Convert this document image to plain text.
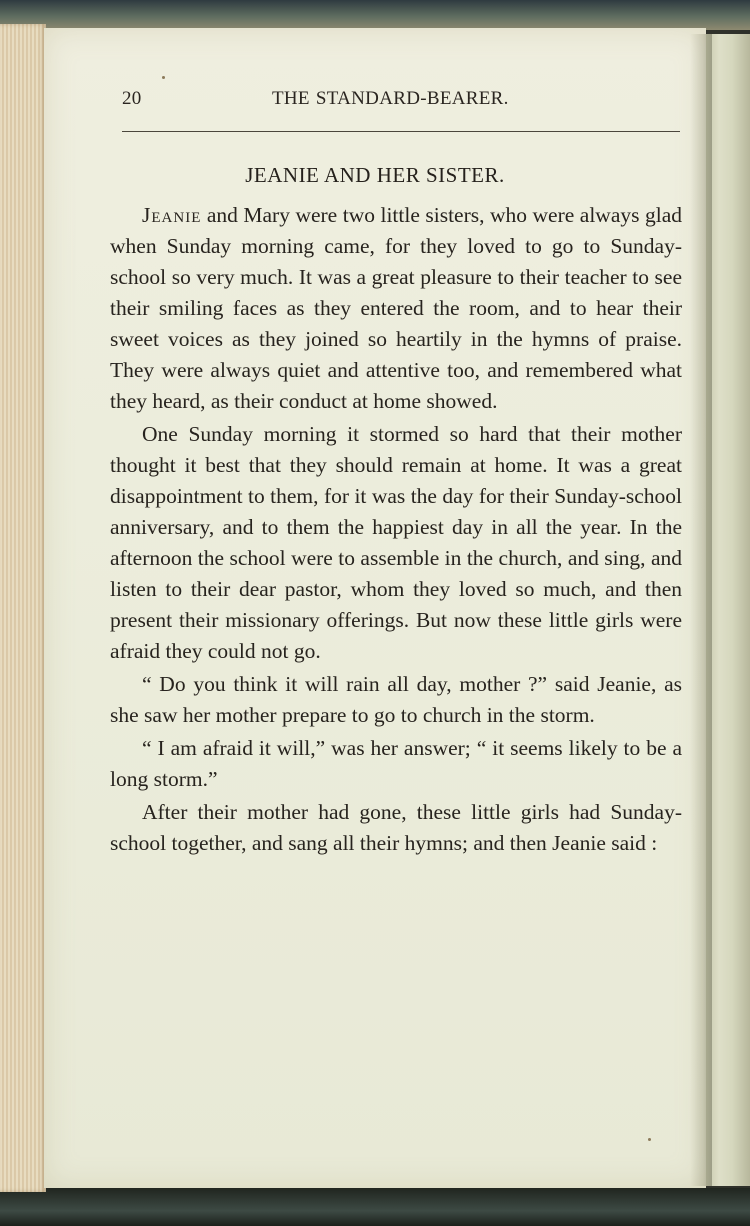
20	THE STANDARD-BEARER.
JEANIE AND HER SISTER.

Jeanie and Mary were two little sisters, who were always glad when Sunday morning came, for they loved to go to Sunday-school so very much. It was a great pleasure to their teacher to see their smiling faces as they entered the room, and to hear their sweet voices as they joined so heartily in the hymns of praise. They were always quiet and attentive too, and remembered what they heard, as their conduct at home showed.

One Sunday morning it stormed so hard that their mother thought it best that they should remain at home. It was a great disappointment to them, for it was the day for their Sunday-school anniversary, and to them the happiest day in all the year. In the afternoon the school were to assemble in the church, and sing, and listen to their dear pastor, whom they loved so much, and then present their missionary offerings. But now these little girls were afraid they could not go.

“ Do you think it will rain all day, mother ?” said Jeanie, as she saw her mother prepare to go to church in the storm.

“ I am afraid it will,” was her answer; “ it seems likely to be a long storm.”

After their mother had gone, these little girls had Sunday-school together, and sang all their hymns; and then Jeanie said :
